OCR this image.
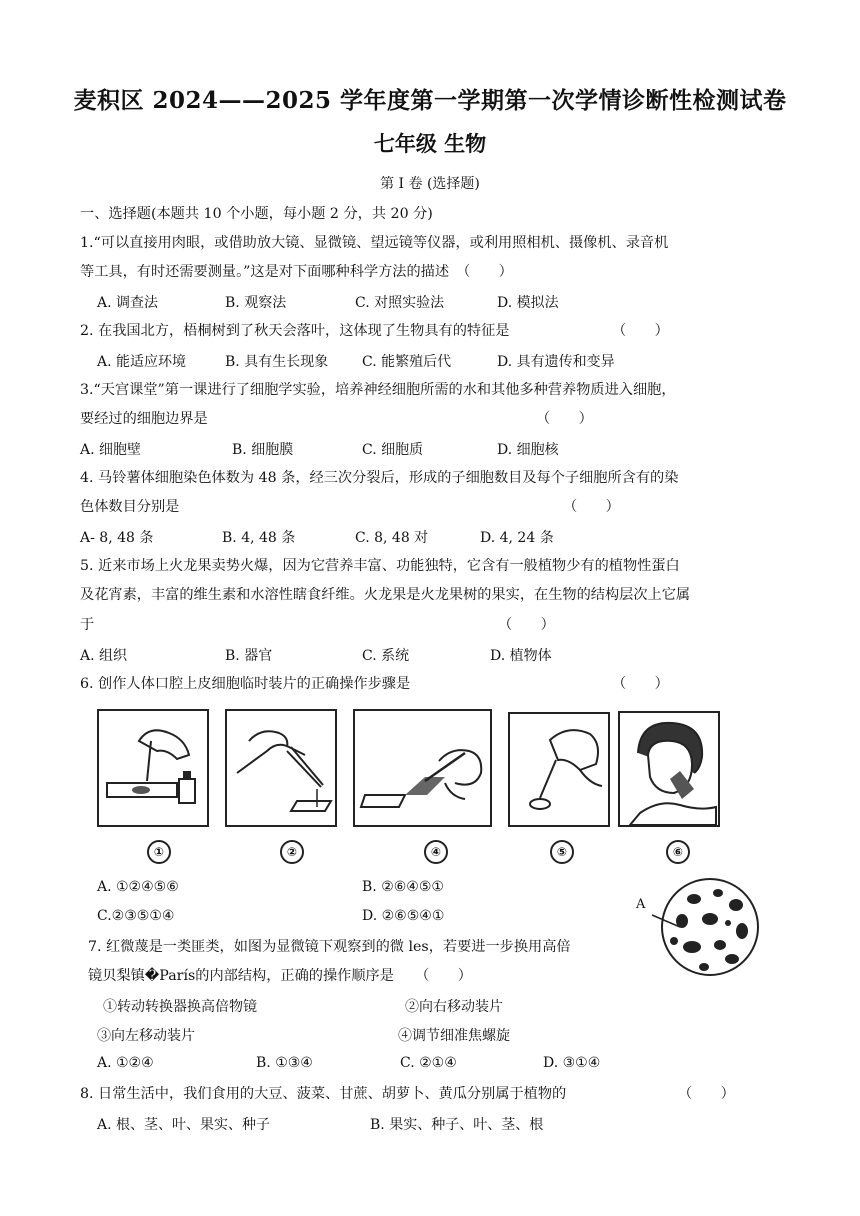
麦积区 2024——2025 学年度第一学期第一次学情诊断性检测试卷
七年级 生物
第 I 卷 (选择题)
一、选择题(本题共 10 个小题，每小题 2 分，共 20 分)
1.“可以直接用肉眼，或借助放大镜、显微镜、望远镜等仪器，或利用照相机、摄像机、录音机
等工具，有时还需要测量。”这是对下面哪种科学方法的描述　（　　）
A. 调查法	B. 观察法	C. 对照实验法	D. 模拟法
2. 在我国北方，梧桐树到了秋天会落叶，这体现了生物具有的特征是	（　　）
A. 能适应环境	B. 具有生长现象 C. 能繁殖后代	D. 具有遗传和变异
3.“天宫课堂”第一课进行了细胞学实验，培养神经细胞所需的水和其他多种营养物质进入细胞，
要经过的细胞边界是	（　　）
A. 细胞壁	B. 细胞膜	C. 细胞质	D. 细胞核
4. 马铃薯体细胞染色体数为 48 条，经三次分裂后，形成的子细胞数目及每个子细胞所含有的染
色体数目分别是	（　　）
A- 8, 48 条	B. 4, 48 条	C. 8, 48 对	D. 4, 24 条
5. 近来市场上火龙果卖势火爆，因为它营养丰富、功能独特，它含有一般植物少有的植物性蛋白
及花宵素，丰富的维生素和水溶性瞎食纤维。火龙果是火龙果树的果实，在生物的结构层次上它属
于	（　　）
A. 组织	B. 器官	C. 系统	D. 植物体
6. 创作人体口腔上皮细胞临时装片的正确操作步骤是	（　　）
①	②	④	⑤	⑥
A. ①②④⑤⑥	B. ②⑥④⑤①
C.②③⑤①④	D. ②⑥⑤④①
A
7. 红微蔑是一类匪类，如图为显微镜下观察到的微 les，若要进一步换用高倍
镜贝梨镇�París的内部结构，正确的操作顺序是　　（　　）
①转动转换器换高倍物镜	②向右移动装片
③向左移动装片	④调节细准焦螺旋
A. ①②④	B. ①③④	C. ②①④	D. ③①④
8. 日常生活中，我们食用的大豆、菠菜、甘蔗、胡萝卜、黄瓜分别属于植物的	（　　）
A. 根、茎、叶、果实、种子	B. 果实、种子、叶、茎、根
